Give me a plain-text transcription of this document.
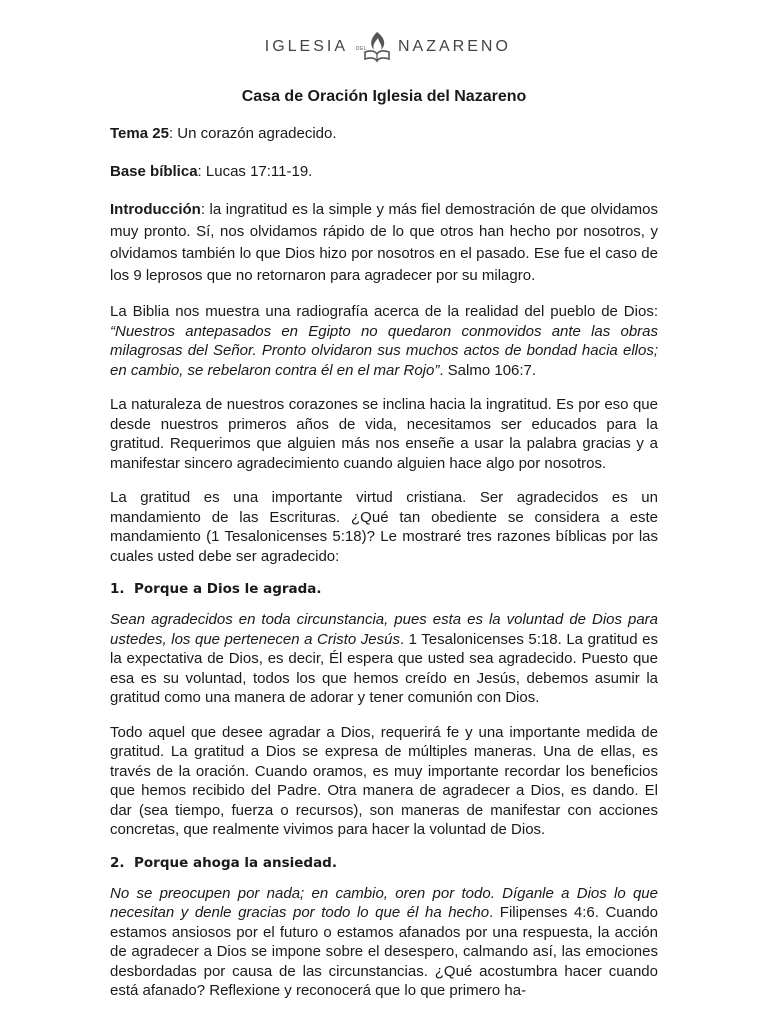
IGLESIA DEL NAZARENO
Casa de Oración Iglesia del Nazareno

Tema 25: Un corazón agradecido.

Base bíblica: Lucas 17:11-19.

Introducción: la ingratitud es la simple y más fiel demostración de que olvidamos muy pronto. Sí, nos olvidamos rápido de lo que otros han hecho por nosotros, y olvidamos también lo que Dios hizo por nosotros en el pasado. Ese fue el caso de los 9 leprosos que no retornaron para agradecer por su milagro.

La Biblia nos muestra una radiografía acerca de la realidad del pueblo de Dios: “Nuestros antepasados en Egipto no quedaron conmovidos ante las obras milagrosas del Señor. Pronto olvidaron sus muchos actos de bondad hacia ellos; en cambio, se rebelaron contra él en el mar Rojo”. Salmo 106:7.

La naturaleza de nuestros corazones se inclina hacia la ingratitud. Es por eso que desde nuestros primeros años de vida, necesitamos ser educados para la gratitud. Requerimos que alguien más nos enseñe a usar la palabra gracias y a manifestar sincero agradecimiento cuando alguien hace algo por nosotros.

La gratitud es una importante virtud cristiana. Ser agradecidos es un mandamiento de las Escrituras. ¿Qué tan obediente se considera a este mandamiento (1 Tesalonicenses 5:18)? Le mostraré tres razones bíblicas por las cuales usted debe ser agradecido:

1. Porque a Dios le agrada.

Sean agradecidos en toda circunstancia, pues esta es la voluntad de Dios para ustedes, los que pertenecen a Cristo Jesús. 1 Tesalonicenses 5:18. La gratitud es la expectativa de Dios, es decir, Él espera que usted sea agradecido. Puesto que esa es su voluntad, todos los que hemos creído en Jesús, debemos asumir la gratitud como una manera de adorar y tener comunión con Dios.

Todo aquel que desee agradar a Dios, requerirá fe y una importante medida de gratitud. La gratitud a Dios se expresa de múltiples maneras. Una de ellas, es través de la oración. Cuando oramos, es muy importante recordar los beneficios que hemos recibido del Padre. Otra manera de agradecer a Dios, es dando. El dar (sea tiempo, fuerza o recursos), son maneras de manifestar con acciones concretas, que realmente vivimos para hacer la voluntad de Dios.

2. Porque ahoga la ansiedad.

No se preocupen por nada; en cambio, oren por todo. Díganle a Dios lo que necesitan y denle gracias por todo lo que él ha hecho. Filipenses 4:6. Cuando estamos ansiosos por el futuro o estamos afanados por una respuesta, la acción de agradecer a Dios se impone sobre el desespero, calmando así, las emociones desbordadas por causa de las circunstancias. ¿Qué acostumbra hacer cuando está afanado? Reflexione y reconocerá que lo que primero ha-
